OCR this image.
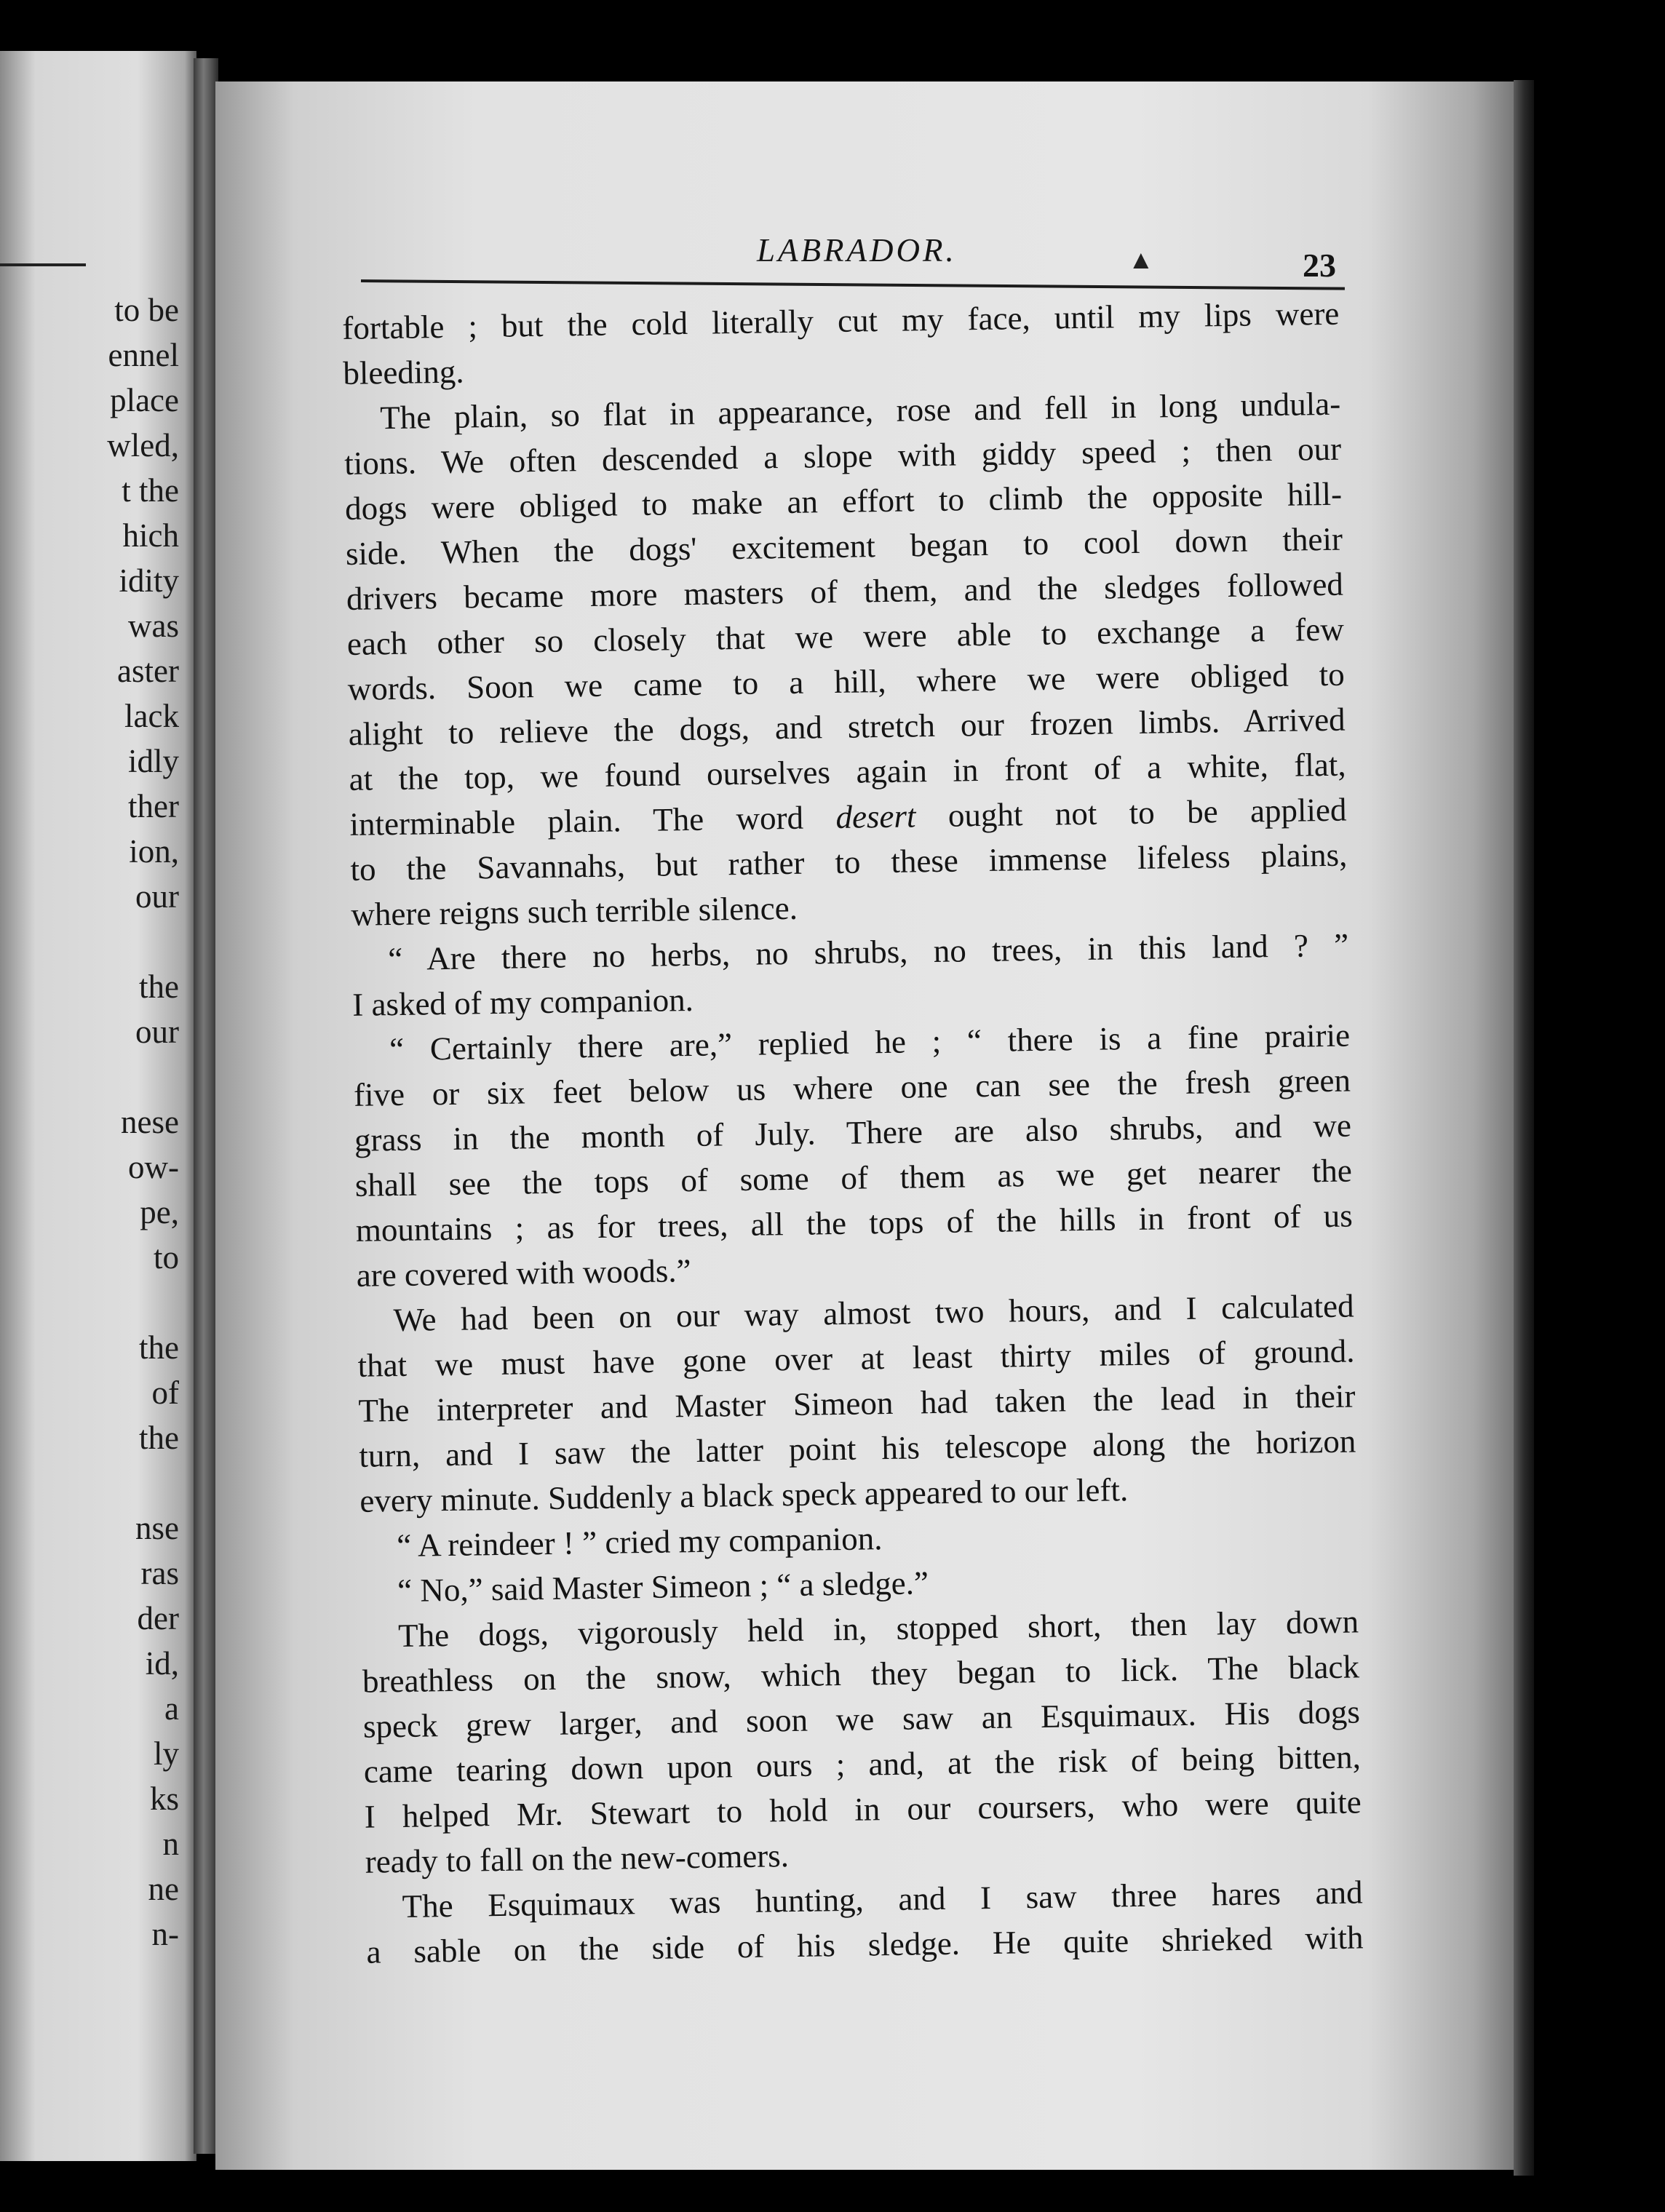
to be
ennel
place
wled,
t the
hich
idity
was
aster
lack
idly
ther
ion,
our

the
our

nese
ow-
pe,
to

the
of
the

nse
ras
der
id,
a
ly
ks
n
ne
n-
LABRADOR.	▲	23
fortable ; but the cold literally cut my face, until my lips were
bleeding.
The plain, so flat in appearance, rose and fell in long undula-
tions. We often descended a slope with giddy speed ; then our
dogs were obliged to make an effort to climb the opposite hill-
side. When the dogs' excitement began to cool down their
drivers became more masters of them, and the sledges followed
each other so closely that we were able to exchange a few
words. Soon we came to a hill, where we were obliged to
alight to relieve the dogs, and stretch our frozen limbs. Arrived
at the top, we found ourselves again in front of a white, flat,
interminable plain. The word desert ought not to be applied
to the Savannahs, but rather to these immense lifeless plains,
where reigns such terrible silence.
“ Are there no herbs, no shrubs, no trees, in this land ? ”
I asked of my companion.
“ Certainly there are,” replied he ; “ there is a fine prairie
five or six feet below us where one can see the fresh green
grass in the month of July. There are also shrubs, and we
shall see the tops of some of them as we get nearer the
mountains ; as for trees, all the tops of the hills in front of us
are covered with woods.”
We had been on our way almost two hours, and I calculated
that we must have gone over at least thirty miles of ground.
The interpreter and Master Simeon had taken the lead in their
turn, and I saw the latter point his telescope along the horizon
every minute. Suddenly a black speck appeared to our left.
“ A reindeer ! ” cried my companion.
“ No,” said Master Simeon ; “ a sledge.”
The dogs, vigorously held in, stopped short, then lay down
breathless on the snow, which they began to lick. The black
speck grew larger, and soon we saw an Esquimaux. His dogs
came tearing down upon ours ; and, at the risk of being bitten,
I helped Mr. Stewart to hold in our coursers, who were quite
ready to fall on the new-comers.
The Esquimaux was hunting, and I saw three hares and
a sable on the side of his sledge. He quite shrieked with
